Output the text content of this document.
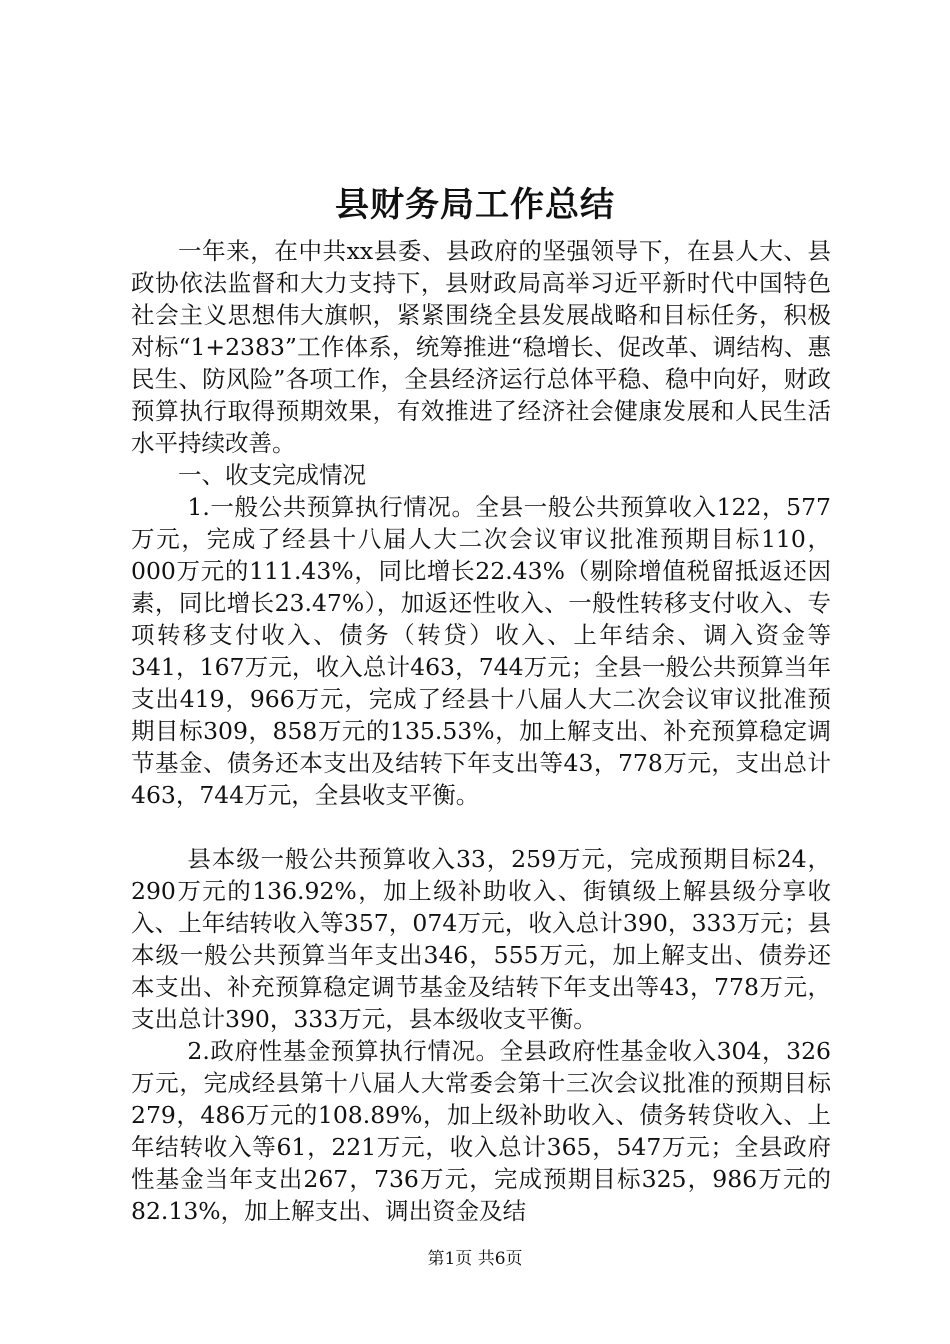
县财务局工作总结

一年来，在中共xx县委、县政府的坚强领导下，在县人大、县政协依法监督和大力支持下，县财政局高举习近平新时代中国特色社会主义思想伟大旗帜，紧紧围绕全县发展战略和目标任务，积极对标“1+2383”工作体系，统筹推进“稳增长、促改革、调结构、惠民生、防风险”各项工作，全县经济运行总体平稳、稳中向好，财政预算执行取得预期效果，有效推进了经济社会健康发展和人民生活水平持续改善。

一、收支完成情况

1.一般公共预算执行情况。全县一般公共预算收入122，577万元，完成了经县十八届人大二次会议审议批准预期目标110，000万元的111.43%，同比增长22.43%（剔除增值税留抵返还因素，同比增长23.47%），加返还性收入、一般性转移支付收入、专项转移支付收入、债务（转贷）收入、上年结余、调入资金等341，167万元，收入总计463，744万元；全县一般公共预算当年支出419，966万元，完成了经县十八届人大二次会议审议批准预期目标309，858万元的135.53%，加上解支出、补充预算稳定调节基金、债务还本支出及结转下年支出等43，778万元，支出总计463，744万元，全县收支平衡。

县本级一般公共预算收入33，259万元，完成预期目标24，290万元的136.92%，加上级补助收入、街镇级上解县级分享收入、上年结转收入等357，074万元，收入总计390，333万元；县本级一般公共预算当年支出346，555万元，加上解支出、债券还本支出、补充预算稳定调节基金及结转下年支出等43，778万元，支出总计390，333万元，县本级收支平衡。

2.政府性基金预算执行情况。全县政府性基金收入304，326万元，完成经县第十八届人大常委会第十三次会议批准的预期目标279，486万元的108.89%，加上级补助收入、债务转贷收入、上年结转收入等61，221万元，收入总计365，547万元；全县政府性基金当年支出267，736万元，完成预期目标325，986万元的82.13%，加上解支出、调出资金及结

第1页 共6页
